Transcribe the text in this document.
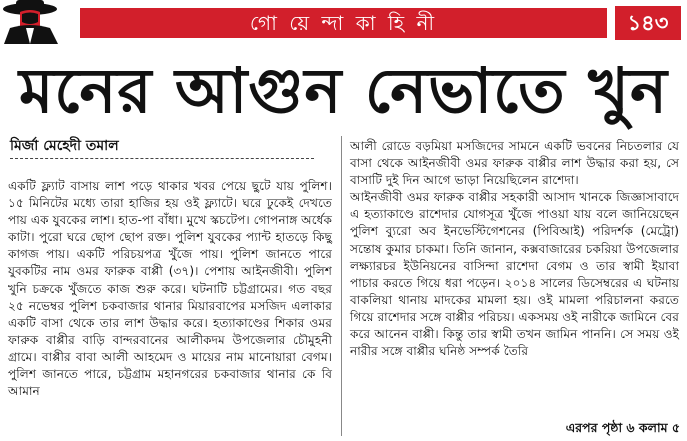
গো য়ে ন্দা কা হি নী	১৪৩
মনের আগুন নেভাতে খুন
মির্জা মেহেদী তমাল

একটি ফ্ল্যাট বাসায় লাশ পড়ে থাকার খবর পেয়ে ছুটে যায় পুলিশ। ১৫ মিনিটের মধ্যে তারা হাজির হয় ওই ফ্ল্যাটে। ঘরে ঢুকেই দেখতে পায় এক যুবকের লাশ। হাত-পা বাঁধা। মুখে স্কচটেপ। গোপনাঙ্গ অর্ধেক কাটা। পুরো ঘরে ছোপ ছোপ রক্ত। পুলিশ যুবকের প্যান্ট হাতড়ে কিছু কাগজ পায়। একটি পরিচয়পত্র খুঁজে পায়। পুলিশ জানতে পারে যুবকটির নাম ওমর ফারুক বাপ্পী (৩৭)। পেশায় আইনজীবী। পুলিশ খুনি চক্রকে খুঁজতে কাজ শুরু করে। ঘটনাটি চট্টগ্রামের। গত বছর ২৫ নভেম্বর পুলিশ চকবাজার থানার মিয়ারবাপের মসজিদ এলাকার একটি বাসা থেকে তার লাশ উদ্ধার করে। হত্যাকাণ্ডের শিকার ওমর ফারুক বাপ্পীর বাড়ি বান্দরবানের আলীকদম উপজেলার চৌমুহনী গ্রামে। বাপ্পীর বাবা আলী আহমেদ ও মায়ের নাম মানোয়ারা বেগম। পুলিশ জানতে পারে, চট্টগ্রাম মহানগরের চকবাজার থানার কে বি আমান

আলী রোডে বড়মিয়া মসজিদের সামনে একটি ভবনের নিচতলার যে বাসা থেকে আইনজীবী ওমর ফারুক বাপ্পীর লাশ উদ্ধার করা হয়, সে বাসাটি দুই দিন আগে ভাড়া নিয়েছিলেন রাশেদা।

আইনজীবী ওমর ফারুক বাপ্পীর সহকারী আসাদ খানকে জিজ্ঞাসাবাদে এ হত্যাকাণ্ডে রাশেদার যোগসূত্র খুঁজে পাওয়া যায় বলে জানিয়েছেন পুলিশ ব্যুরো অব ইনভেস্টিগেশনের (পিবিআই) পরিদর্শক (মেট্রো) সন্তোষ কুমার চাকমা। তিনি জানান, কক্সবাজারের চকরিয়া উপজেলার লক্ষ্যারচর ইউনিয়নের বাসিন্দা রাশেদা বেগম ও তার স্বামী ইয়াবা পাচার করতে গিয়ে ধরা পড়েন। ২০১৪ সালের ডিসেম্বরের এ ঘটনায় বাকলিয়া থানায় মাদকের মামলা হয়। ওই মামলা পরিচালনা করতে গিয়ে রাশেদার সঙ্গে বাপ্পীর পরিচয়। একসময় ওই নারীকে জামিনে বের করে আনেন বাপ্পী। কিন্তু তার স্বামী তখন জামিন পাননি। সে সময় ওই নারীর সঙ্গে বাপ্পীর ঘনিষ্ঠ সম্পর্ক তৈরি

এরপর পৃষ্ঠা ৬ কলাম ৫
